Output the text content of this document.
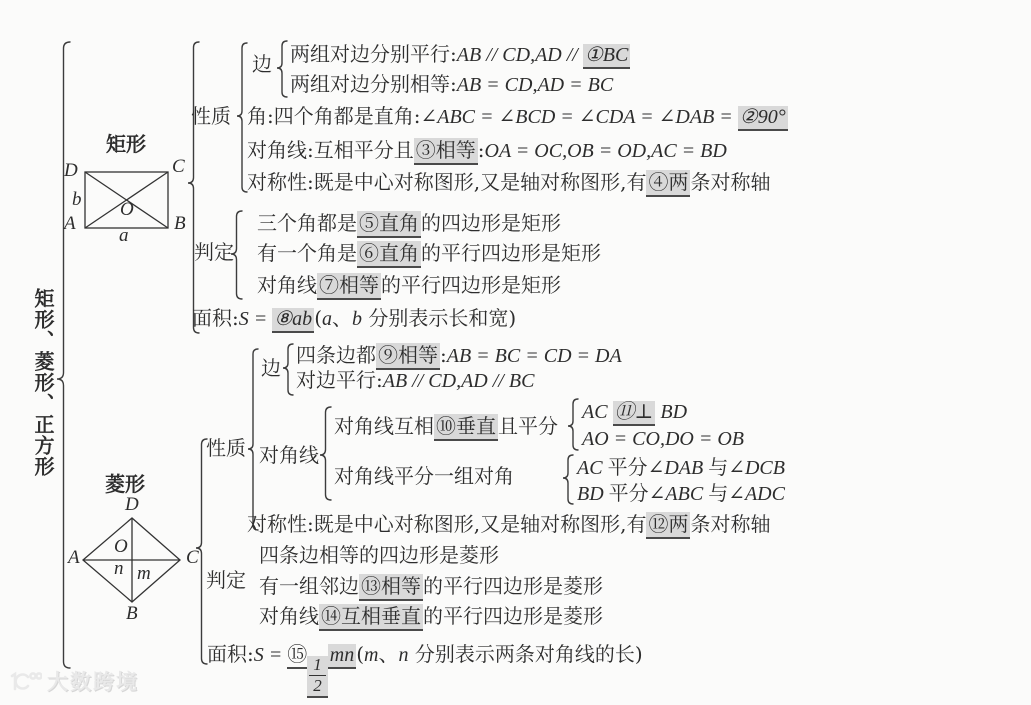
矩形、菱形、正方形
矩形
D	C
A	B
b O
a
性质
边
判定
两组对边分别平行:AB // CD,AD // ①BC
两组对边分别相等:AB = CD,AD = BC
角:四个角都是直角:∠ABC = ∠BCD = ∠CDA = ∠DAB = ②90°
对角线:互相平分且 ③相等 :OA = OC,OB = OD,AC = BD
对称性:既是中心对称图形,又是轴对称图形,有 ④两 条对称轴
三个角都是 ⑤直角 的四边形是矩形
有一个角是 ⑥直角 的平行四边形是矩形
对角线 ⑦相等 的平行四边形是矩形
面积:S = ⑧ab (a、b 分别表示长和宽)
菱形
D
A	C
O
n m
B
性质
边
对角线
判定
四条边都 ⑨相等 :AB = BC = CD = DA
对边平行:AB // CD,AD // BC
对角线互相 ⑩垂直 且平分
AC ⑪⊥ BD
AO = CO,DO = OB
对角线平分一组对角	AC 平分∠DAB 与∠DCB
BD 平分∠ABC 与∠ADC
对称性:既是中心对称图形,又是轴对称图形,有 ⑫两 条对称轴
四条边相等的四边形是菱形
有一组邻边 ⑬相等 的平行四边形是菱形
对角线 ⑭互相垂直 的平行四边形是菱形
面积:S = ⑮
$\frac{1}{2}$
mn (m、n 分别表示两条对角线的长)
大数跨境
